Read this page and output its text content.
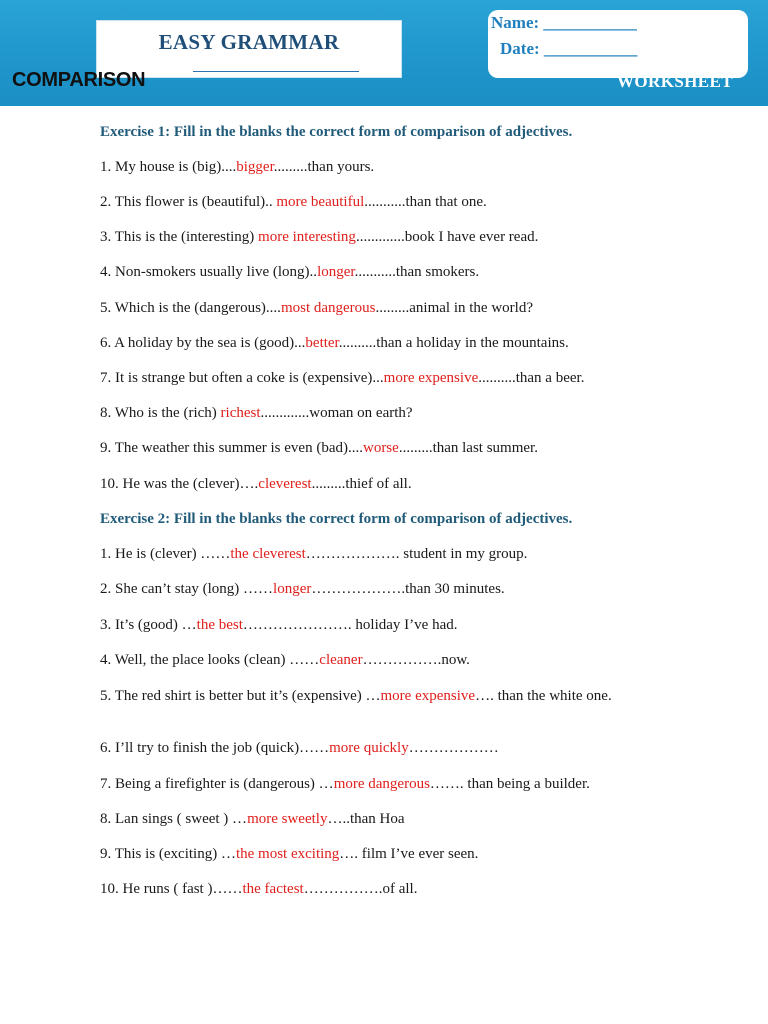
EASY GRAMMAR
Name: ___________
Date: ___________
COMPARISON	WORKSHEET
Exercise 1: Fill in the blanks the correct form of comparison of adjectives.
1. My house is (big)....bigger.........than yours.
2. This flower is (beautiful).. more beautiful...........than that one.
3. This is the (interesting) more interesting.............book I have ever read.
4. Non-smokers usually live (long)..longer...........than smokers.
5. Which is the (dangerous)....most dangerous.........animal in the world?
6. A holiday by the sea is (good)...better..........than a holiday in the mountains.
7. It is strange but often a coke is (expensive)...more expensive..........than a beer.
8. Who is the (rich) richest.............woman on earth?
9. The weather this summer is even (bad)....worse.........than last summer.
10. He was the (clever)….cleverest.........thief of all.
Exercise 2: Fill in the blanks the correct form of comparison of adjectives.
1. He is (clever) ……the cleverest………………. student in my group.
2. She can’t stay (long) ……longer……………….than 30 minutes.
3. It’s (good) …the best…………………. holiday I’ve had.
4. Well, the place looks (clean) ……cleaner…………….now.
5. The red shirt is better but it’s (expensive) …more expensive…. than the white one.
6. I’ll try to finish the job (quick)……more quickly………………
7. Being a firefighter is (dangerous) …more dangerous……. than being a builder.
8. Lan sings ( sweet ) …more sweetly…..than Hoa
9. This is (exciting) …the most exciting…. film I’ve ever seen.
10. He runs ( fast )……the factest…………….of all.
